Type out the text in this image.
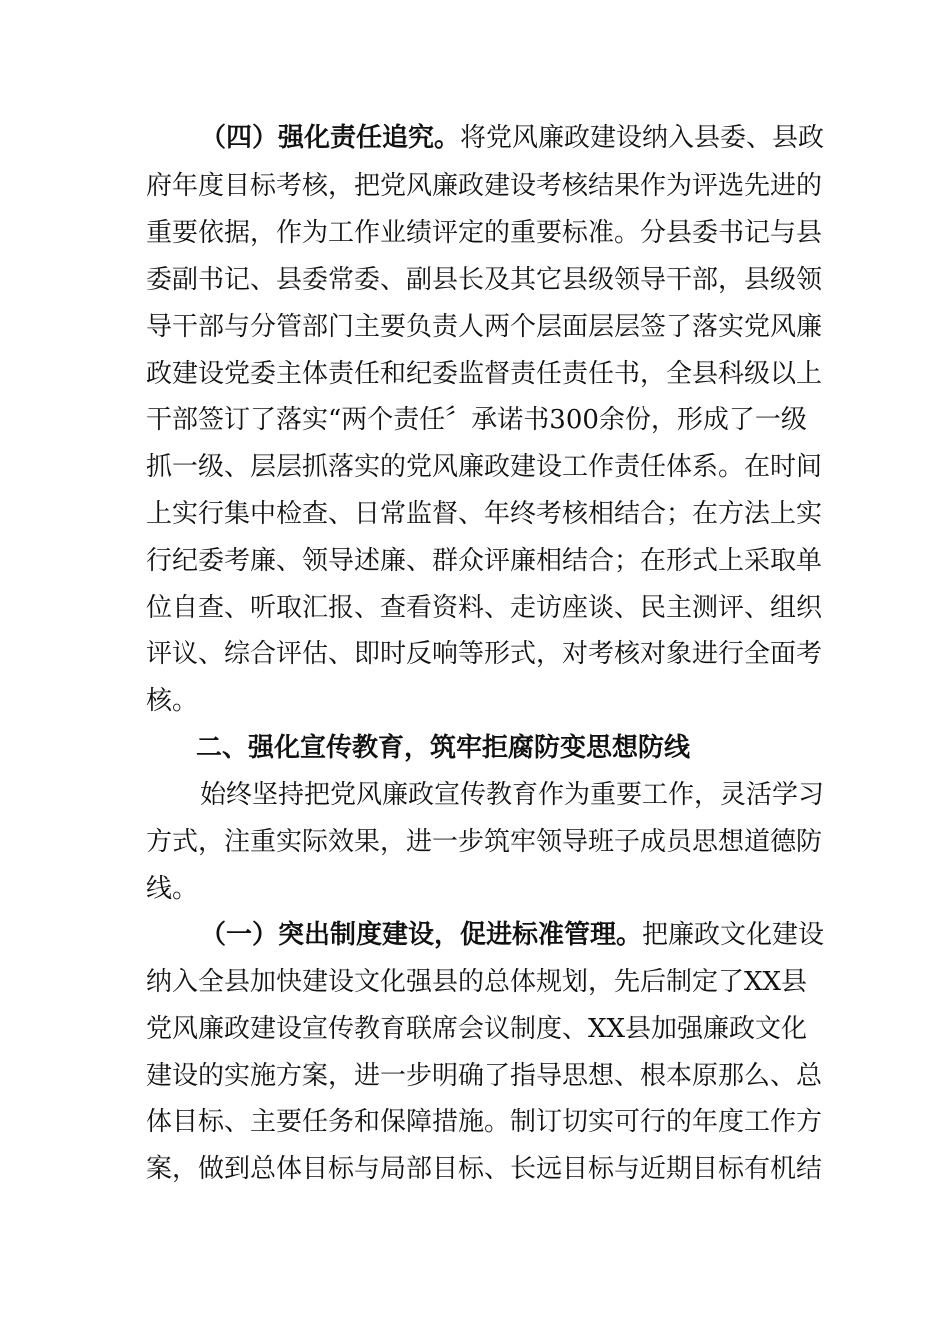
（四）强化责任追究。将党风廉政建设纳入县委、县政
府年度目标考核，把党风廉政建设考核结果作为评选先进的
重要依据，作为工作业绩评定的重要标准。分县委书记与县
委副书记、县委常委、副县长及其它县级领导干部，县级领
导干部与分管部门主要负责人两个层面层层签了落实党风廉
政建设党委主体责任和纪委监督责任责任书，全县科级以上
干部签订了落实“两个责任〞承诺书300余份，形成了一级
抓一级、层层抓落实的党风廉政建设工作责任体系。在时间
上实行集中检查、日常监督、年终考核相结合；在方法上实
行纪委考廉、领导述廉、群众评廉相结合；在形式上采取单
位自查、听取汇报、查看资料、走访座谈、民主测评、组织
评议、综合评估、即时反响等形式，对考核对象进行全面考
核。
二、强化宣传教育，筑牢拒腐防变思想防线
始终坚持把党风廉政宣传教育作为重要工作，灵活学习
方式，注重实际效果，进一步筑牢领导班子成员思想道德防
线。
（一）突出制度建设，促进标准管理。把廉政文化建设
纳入全县加快建设文化强县的总体规划，先后制定了XX县
党风廉政建设宣传教育联席会议制度、XX县加强廉政文化
建设的实施方案，进一步明确了指导思想、根本原那么、总
体目标、主要任务和保障措施。制订切实可行的年度工作方
案，做到总体目标与局部目标、长远目标与近期目标有机结
